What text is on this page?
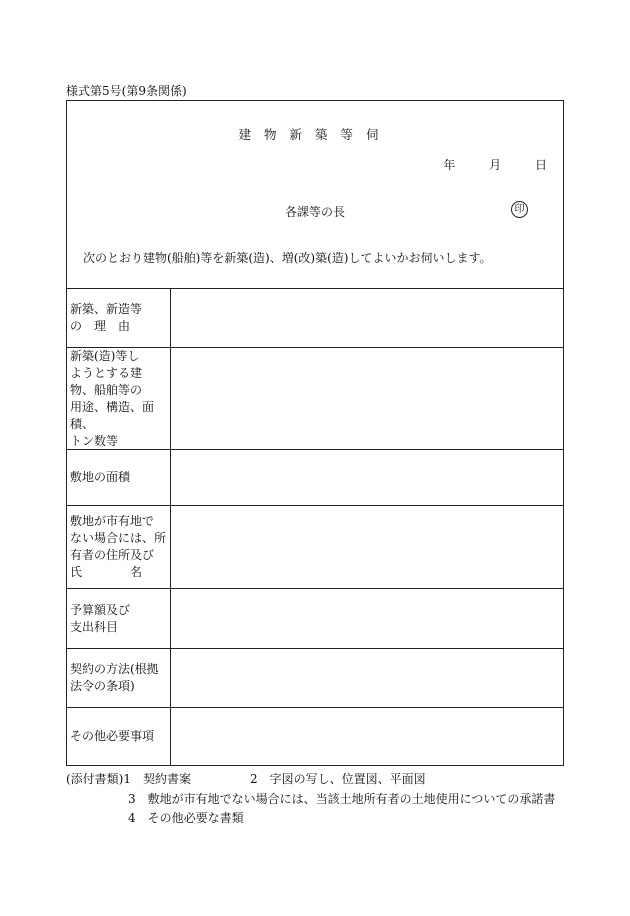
様式第5号(第9条関係)
建物新築等伺
年	月	日
各課等の長	印
次のとおり建物(船舶)等を新築(造)、増(改)築(造)してよいかお伺いします。
新築、新造等
の　理　由
新築(造)等し
ようとする建
物、船舶等の
用途、構造、面積、
トン数等
敷地の面積
敷地が市有地で
ない場合には、所
有者の住所及び
氏　　　　名
予算額及び
支出科目
契約の方法(根拠
法令の条項)
その他必要事項
(添付書類)1　契約書案	2　字図の写し、位置図、平面図
3　敷地が市有地でない場合には、当該土地所有者の土地使用についての承諾書
4　その他必要な書類
